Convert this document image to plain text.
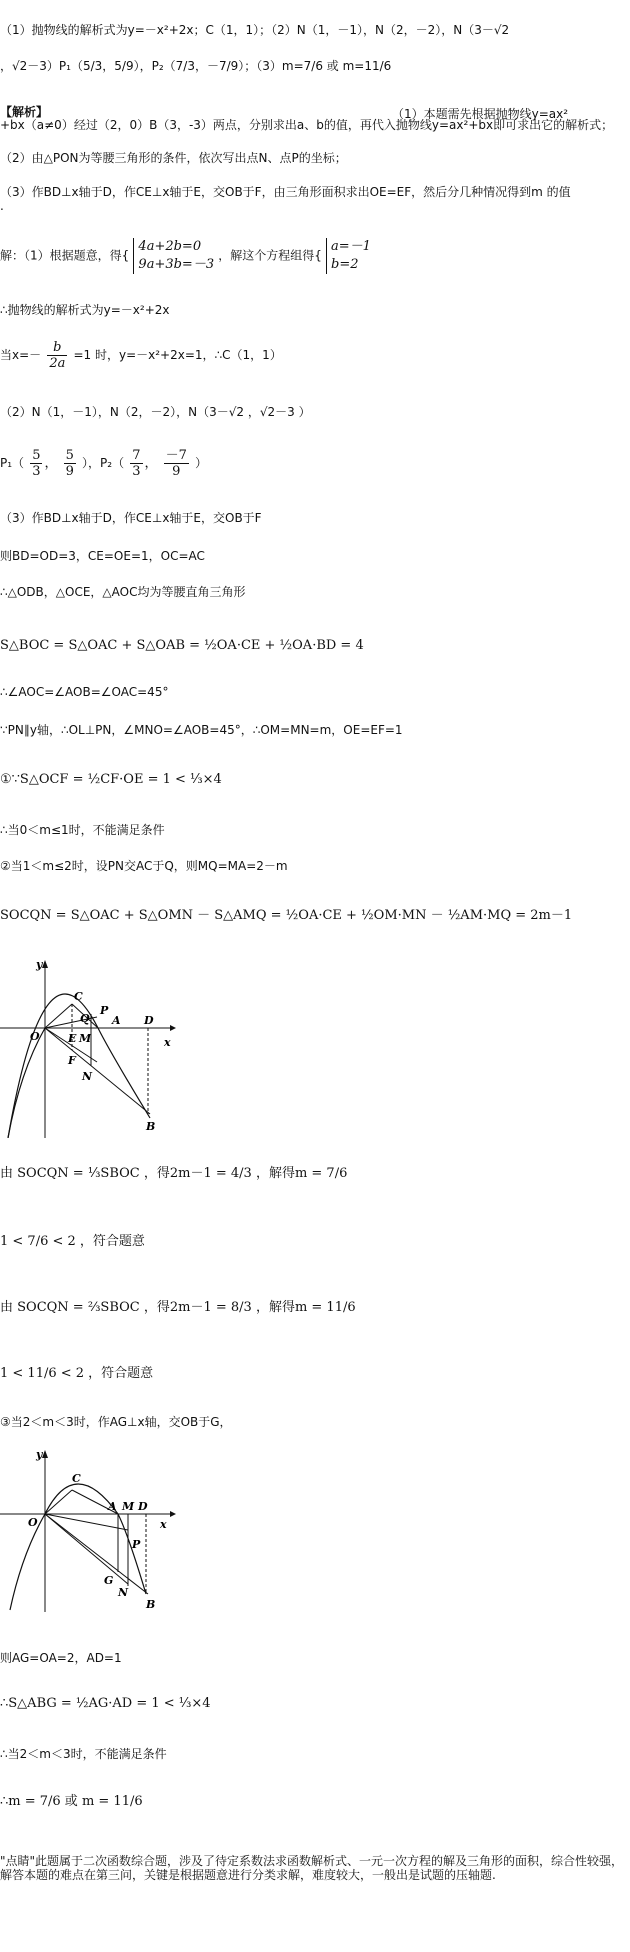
（1）抛物线的解析式为y=－x²+2x；C（1，1）；（2）N（1，－1），N（2，－2），N（3－√2
，√2－3）P₁（5/3，5/9），P₂（7/3，－7/9）；（3）m=7/6 或 m=11/6
【解析】	（1）本题需先根据抛物线y=ax²
+bx（a≠0）经过（2，0）B（3，-3）两点，分别求出a、b的值，再代入抛物线y=ax²+bx即可求出它的解析式；
（2）由△PON为等腰三角形的条件，依次写出点N、点P的坐标；
（3）作BD⊥x轴于D，作CE⊥x轴于E，交OB于F，由三角形面积求出OE=EF，然后分几种情况得到m 的值
.
解：（1）根据题意，得{
4a+2b=0
9a+3b=－3
，解这个方程组得{
a=－1
b=2
∴抛物线的解析式为y=－x²+2x
当$x=- \frac{b}{2a} =1$ 时，y=－x²+2x=1，∴C（1，1）
（2）N（1，－1），N（2，－2），N（3－√2 ，√2－3 ）
$P_1( \frac{5}{3}$ ， $\frac{5}{9}$ ），$P_2( \frac{7}{3}$ ， $\frac{-7}{9}$ ）
（3）作BD⊥x轴于D，作CE⊥x轴于E，交OB于F
则BD=OD=3，CE=OE=1，OC=AC
∴△ODB，△OCE，△AOC均为等腰直角三角形
S△BOC = S△OAC + S△OAB = ½OA·CE + ½OA·BD = 4
∴∠AOC=∠AOB=∠OAC=45°
∵PN∥y轴，∴OL⊥PN，∠MNO=∠AOB=45°，∴OM=MN=m，OE=EF=1
①∵S△OCF = ½CF·OE = 1 < ⅓×4
∴当0＜m≤1时，不能满足条件
②当1＜m≤2时，设PN交AC于Q，则MQ=MA=2－m
SOCQN = S△OAC + S△OMN － S△AMQ = ½OA·CE + ½OM·MN － ½AM·MQ = 2m－1
y
C
P
Q
O	E M
A D
x
F
N
B
由 SOCQN = ⅓SBOC ，得2m－1 = 4/3 ，解得m = 7/6
1 < 7/6 < 2 ，符合题意
由 SOCQN = ⅔SBOC ，得2m－1 = 8/3 ，解得m = 11/6
1 < 11/6 < 2 ，符合题意
③当2＜m＜3时，作AG⊥x轴，交OB于G，
y
C
A M D
O	x
P
G
N
B
则AG=OA=2，AD=1
∴S△ABG = ½AG·AD = 1 < ⅓×4
∴当2＜m＜3时，不能满足条件
∴m = 7/6 或 m = 11/6
"点睛"此题属于二次函数综合题，涉及了待定系数法求函数解析式、一元一次方程的解及三角形的面积，综合性较强，解答本题的难点在第三问，关键是根据题意进行分类求解，难度较大，一般出是试题的压轴题.
